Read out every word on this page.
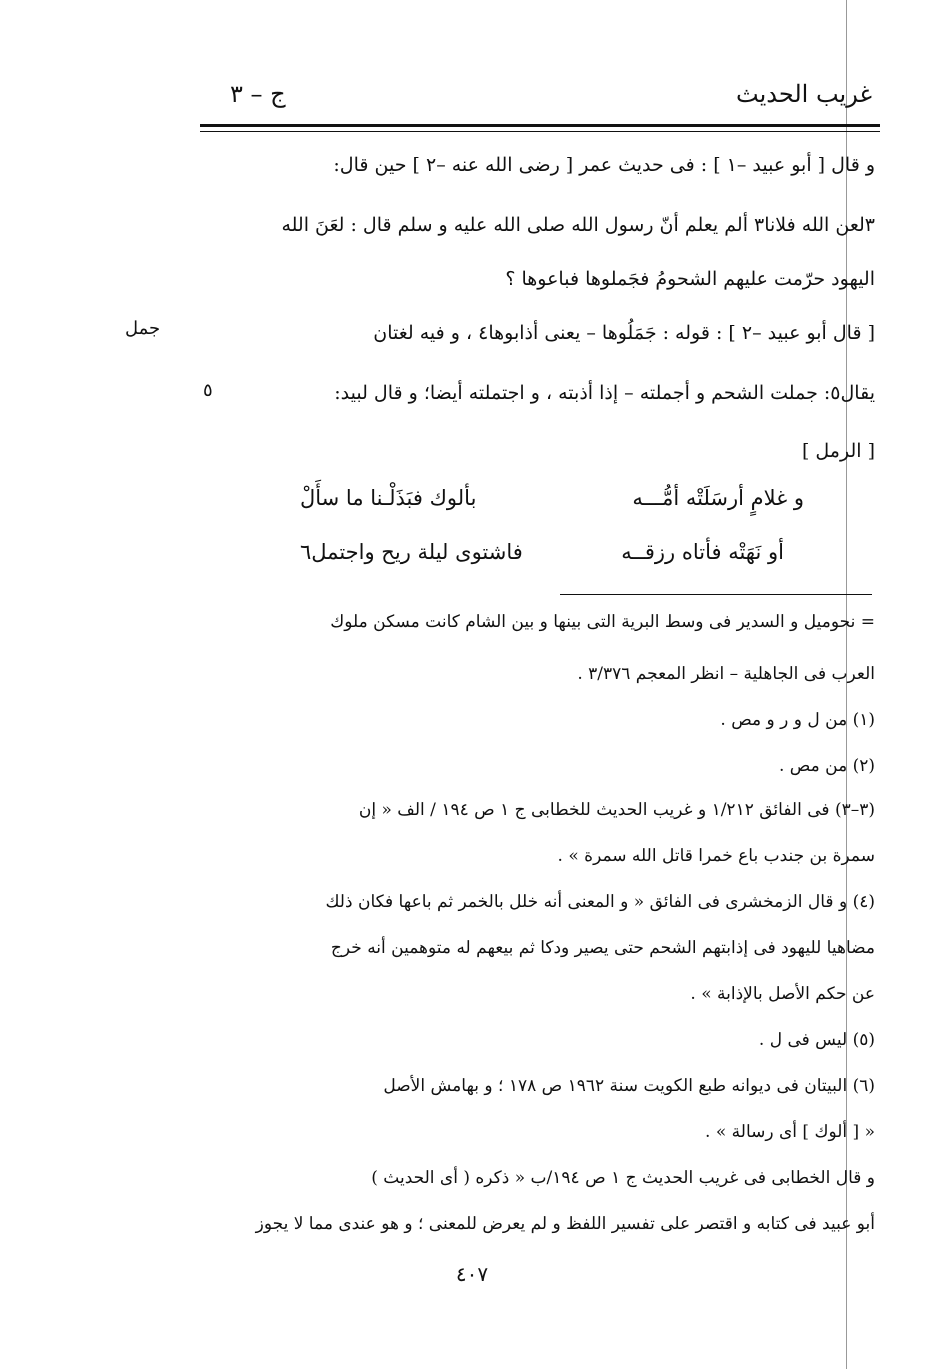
غريب الحديث
ج – ٣
و قال [ أبو عبيد –١ ] : فى حديث عمر [ رضى الله عنه –٢ ] حين قال:
٣لعن الله فلانا٣ ألم يعلم أنّ رسول الله صلى الله عليه و سلم قال : لعَنَ الله
اليهود حرّمت عليهم الشحومُ فجَملوها فباعوها ؟
[ قال أبو عبيد –٢ ] : قوله : جَمَلُوها – يعنى أذابوها٤ ، و فيه لغتان
يقال٥: جملت الشحم و أجملته – إذا أذبته ، و اجتملته أيضا؛ و قال لبيد:
[ الرمل ]
جمل
٥
و غلامٍ أرسَلَتْه أمُّـــه
بألوك فبَذَلْـنا ما سأَلْ
أو نَهَتْه فأتاه رزقــه
فاشتوى ليلة ريح واجتمل٦
= نحوميل و السدير فى وسط البرية التى بينها و بين الشام كانت مسكن ملوك
العرب فى الجاهلية – انظر المعجم ٣/٣٧٦ .
(١) من ل و ر و مص .
(٢) من مص .
(٣–٣) فى الفائق ١/٢١٢ و غريب الحديث للخطابى ج ١ ص ١٩٤ / الف « إن
سمرة بن جندب باع خمرا قاتل الله سمرة » .
(٤) و قال الزمخشرى فى الفائق « و المعنى أنه خلل بالخمر ثم باعها فكان ذلك
مضاهيا لليهود فى إذابتهم الشحم حتى يصير ودكا ثم بيعهم له متوهمين أنه خرج
عن حكم الأصل بالإذابة » .
(٥) ليس فى ل .
(٦) البيتان فى ديوانه طبع الكويت سنة ١٩٦٢ ص ١٧٨ ؛ و بهامش الأصل
« [ ألوك ] أى رسالة » .
و قال الخطابى فى غريب الحديث ج ١ ص ١٩٤/ب « ذكره ( أى الحديث )
أبو عبيد فى كتابه و اقتصر على تفسير اللفظ و لم يعرض للمعنى ؛ و هو عندى مما لا يجوز
٤٠٧
